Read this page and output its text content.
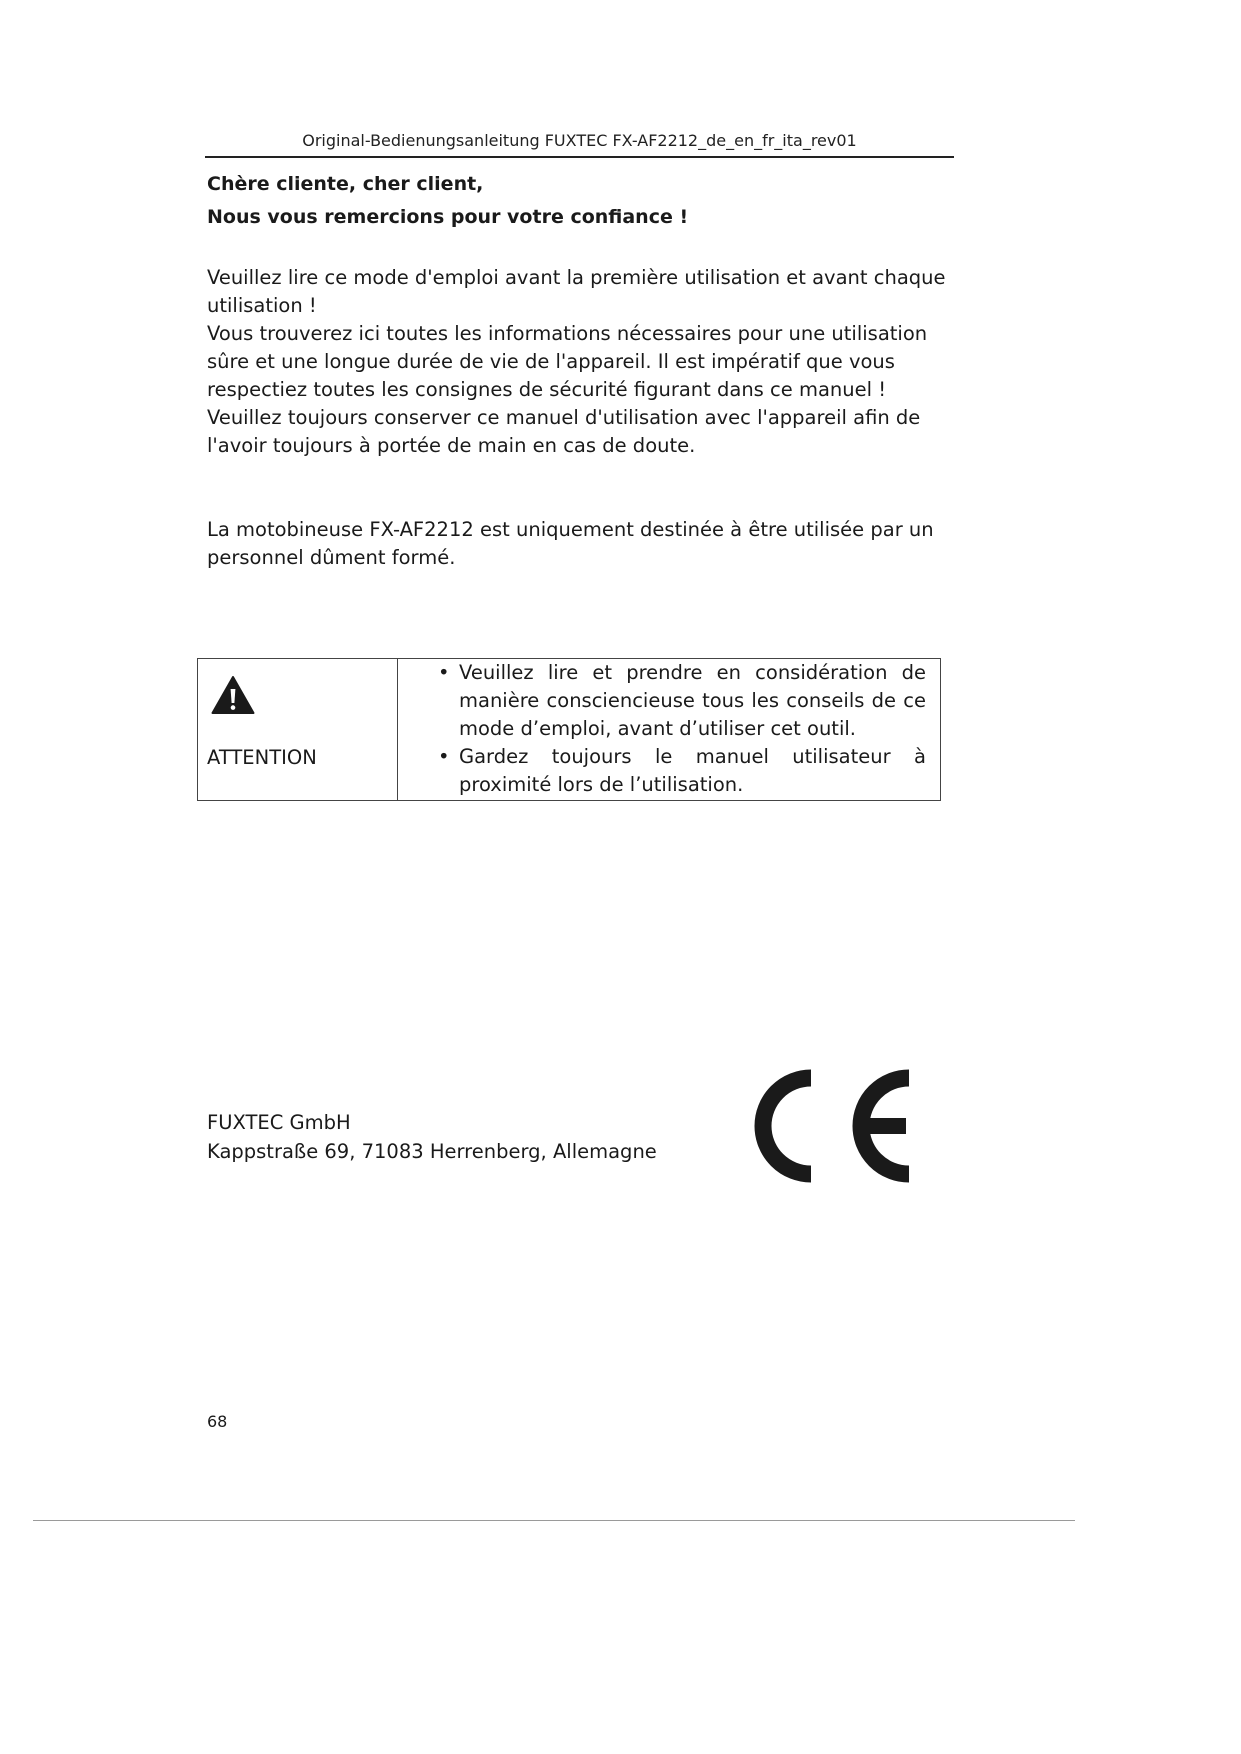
Original-Bedienungsanleitung FUXTEC FX-AF2212_de_en_fr_ita_rev01
Chère cliente, cher client,
Nous vous remercions pour votre confiance !

Veuillez lire ce mode d'emploi avant la première utilisation et avant chaque utilisation !

Vous trouverez ici toutes les informations nécessaires pour une utilisation sûre et une longue durée de vie de l'appareil. Il est impératif que vous respectiez toutes les consignes de sécurité figurant dans ce manuel !

Veuillez toujours conserver ce manuel d'utilisation avec l'appareil afin de l'avoir toujours à portée de main en cas de doute.

La motobineuse FX-AF2212 est uniquement destinée à être utilisée par un personnel dûment formé.
ATTENTION

• Veuillez lire et prendre en considération de manière consciencieuse tous les conseils de ce mode d’emploi, avant d’utiliser cet outil.
• Gardez toujours le manuel utilisateur à proximité lors de l’utilisation.
FUXTEC GmbH
Kappstraße 69, 71083 Herrenberg, Allemagne
68
